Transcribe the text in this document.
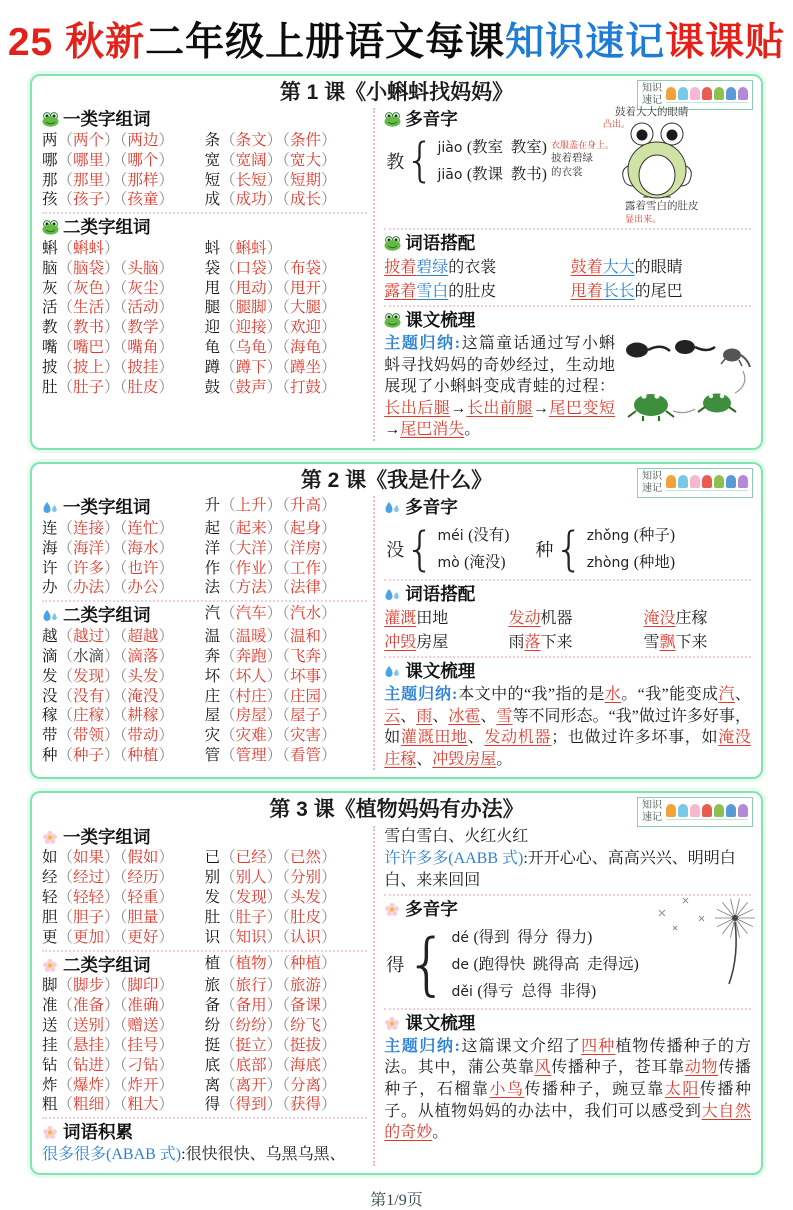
25 秋新二年级上册语文每课知识速记课课贴
知识
速记
第 1 课《小蝌蚪找妈妈》
一类字组词
两（两个）（两边）	条（条文）（条件）
哪（哪里）（哪个）	宽（宽阔）（宽大）
那（那里）（那样）	短（长短）（短期）
孩（孩子）（孩童）	成（成功）（成长）
二类字组词
蝌（蝌蚪）	蚪（蝌蚪）
脑（脑袋）（头脑）	袋（口袋）（布袋）
灰（灰色）（灰尘）	甩（甩动）（甩开）
活（生活）（活动）	腿（腿脚）（大腿）
教（教书）（教学）	迎（迎接）（欢迎）
嘴（嘴巴）（嘴角）	龟（乌龟）（海龟）
披（披上）（披挂）	蹲（蹲下）（蹲坐）
肚（肚子）（肚皮）	鼓（鼓声）（打鼓）
多音字
教 { jiào (教室  教室)
jiāo (教课  教书)
鼓着大大的眼睛
凸出。
衣服盖在身上。
披着碧绿
的衣裳
露着雪白的肚皮
显出来。
词语搭配
披着碧绿的衣裳	鼓着大大的眼睛
露着雪白的肚皮	甩着长长的尾巴
课文梳理
主题归纳:这篇童话通过写小蝌蚪寻找妈妈的奇妙经过，生动地展现了小蝌蚪变成青蛙的过程：长出后腿→长出前腿→尾巴变短→尾巴消失。
知识
速记
第 2 课《我是什么》
一类字组词	升（上升）（升高）
连（连接）（连忙）	起（起来）（起身）
海（海洋）（海水）	洋（大洋）（洋房）
许（许多）（也许）	作（作业）（工作）
办（办法）（办公）	法（方法）（法律）
二类字组词	汽（汽车）（汽水）
越（越过）（超越）	温（温暖）（温和）
滴（水滴）（滴落）	奔（奔跑）（飞奔）
发（发现）（头发）	坏（坏人）（坏事）
没（没有）（淹没）	庄（村庄）（庄园）
稼（庄稼）（耕稼）	屋（房屋）（屋子）
带（带领）（带动）	灾（灾难）（灾害）
种（种子）（种植）	管（管理）（看管）
多音字
没 { méi (没有)
mò (淹没)
种 { zhǒng (种子)
zhòng (种地)
词语搭配
灌溉田地	发动机器	淹没庄稼
冲毁房屋	雨落下来	雪飘下来
课文梳理
主题归纳:本文中的“我”指的是水。“我”能变成汽、云、雨、冰雹、雪等不同形态。“我”做过许多好事，如灌溉田地、发动机器；也做过许多坏事，如淹没庄稼、冲毁房屋。
知识
速记
第 3 课《植物妈妈有办法》
一类字组词
如（如果）（假如）	已（已经）（已然）
经（经过）（经历）	别（别人）（分别）
轻（轻轻）（轻重）	发（发现）（头发）
胆（胆子）（胆量）	肚（肚子）（肚皮）
更（更加）（更好）	识（知识）（认识）
二类字组词	植（植物）（种植）
脚（脚步）（脚印）	旅（旅行）（旅游）
准（准备）（准确）	备（备用）（备课）
送（送别）（赠送）	纷（纷纷）（纷飞）
挂（悬挂）（挂号）	挺（挺立）（挺拔）
钻（钻进）（刁钻）	底（底部）（海底）
炸（爆炸）（炸开）	离（离开）（分离）
粗（粗细）（粗大）	得（得到）（获得）
词语积累
很多很多(ABAB 式):很快很快、乌黑乌黑、
雪白雪白、火红火红
许许多多(AABB 式):开开心心、高高兴兴、明明白白、来来回回
多音字
得 { dé (得到  得分  得力)
de (跑得快  跳得高  走得远)
děi (得亏  总得  非得)
课文梳理
主题归纳:这篇课文介绍了四种植物传播种子的方法。其中，蒲公英靠风传播种子，苍耳靠动物传播种子，石榴靠小鸟传播种子，豌豆靠太阳传播种子。从植物妈妈的办法中，我们可以感受到大自然的奇妙。
第1/9页
